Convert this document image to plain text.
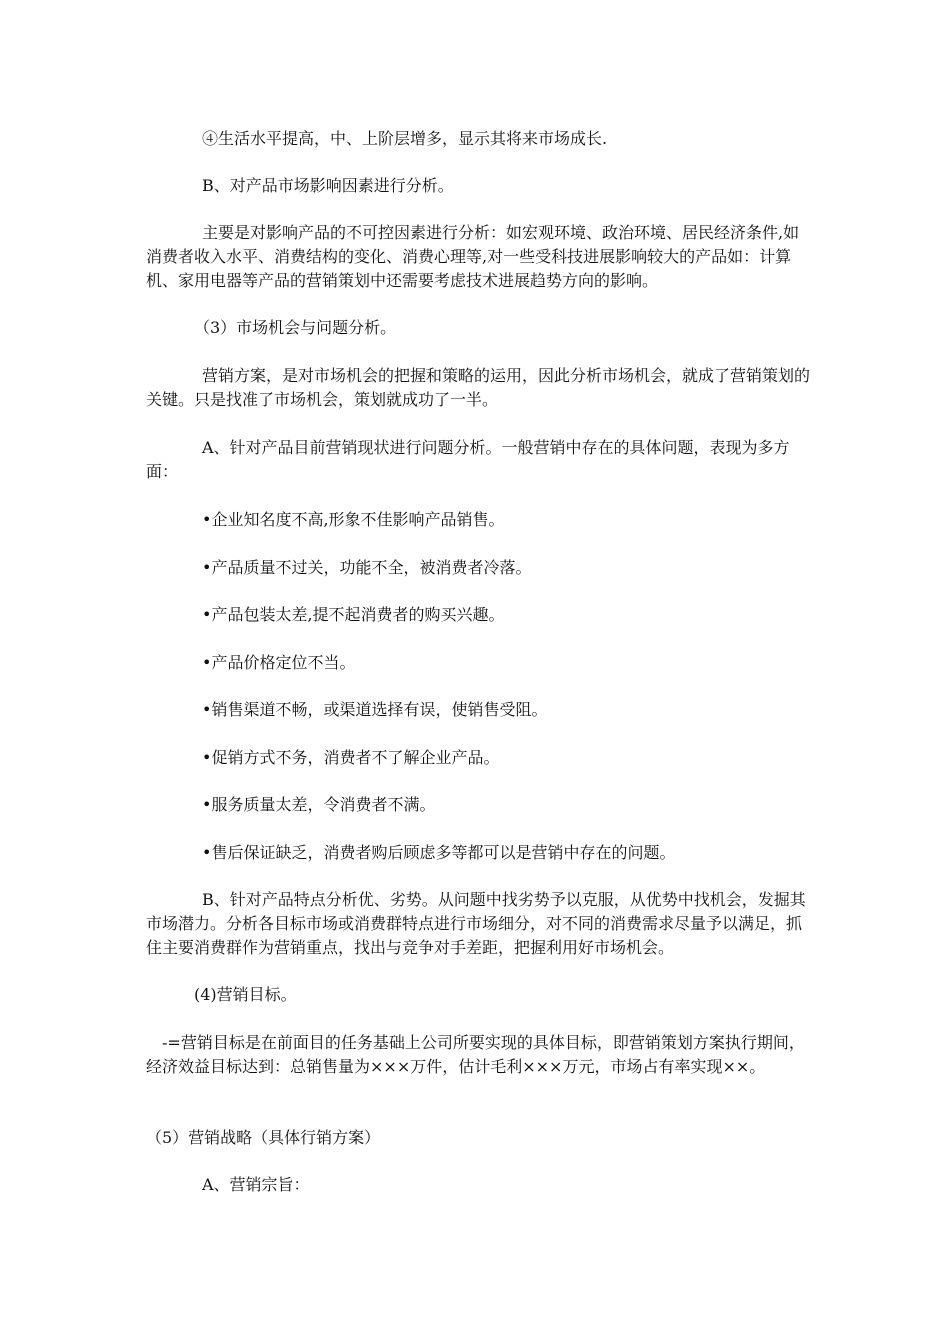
④生活水平提高，中、上阶层增多，显示其将来市场成长.

B、对产品市场影响因素进行分析。

主要是对影响产品的不可控因素进行分析：如宏观环境、政治环境、居民经济条件,如消费者收入水平、消费结构的变化、消费心理等,对一些受科技进展影响较大的产品如：计算机、家用电器等产品的营销策划中还需要考虑技术进展趋势方向的影响。

（3）市场机会与问题分析。

营销方案，是对市场机会的把握和策略的运用，因此分析市场机会，就成了营销策划的关键。只是找准了市场机会，策划就成功了一半。

A、针对产品目前营销现状进行问题分析。一般营销中存在的具体问题，表现为多方面：

•企业知名度不高,形象不佳影响产品销售。

•产品质量不过关，功能不全，被消费者冷落。

•产品包装太差,提不起消费者的购买兴趣。

•产品价格定位不当。

•销售渠道不畅，或渠道选择有误，使销售受阻。

•促销方式不务，消费者不了解企业产品。

•服务质量太差，令消费者不满。

•售后保证缺乏，消费者购后顾虑多等都可以是营销中存在的问题。

B、针对产品特点分析优、劣势。从问题中找劣势予以克服，从优势中找机会，发掘其市场潜力。分析各目标市场或消费群特点进行市场细分，对不同的消费需求尽量予以满足，抓住主要消费群作为营销重点，找出与竞争对手差距，把握利用好市场机会。

(4)营销目标。

-=营销目标是在前面目的任务基础上公司所要实现的具体目标，即营销策划方案执行期间，经济效益目标达到：总销售量为×××万件，估计毛利×××万元，市场占有率实现××。

（5）营销战略（具体行销方案）

A、营销宗旨：
